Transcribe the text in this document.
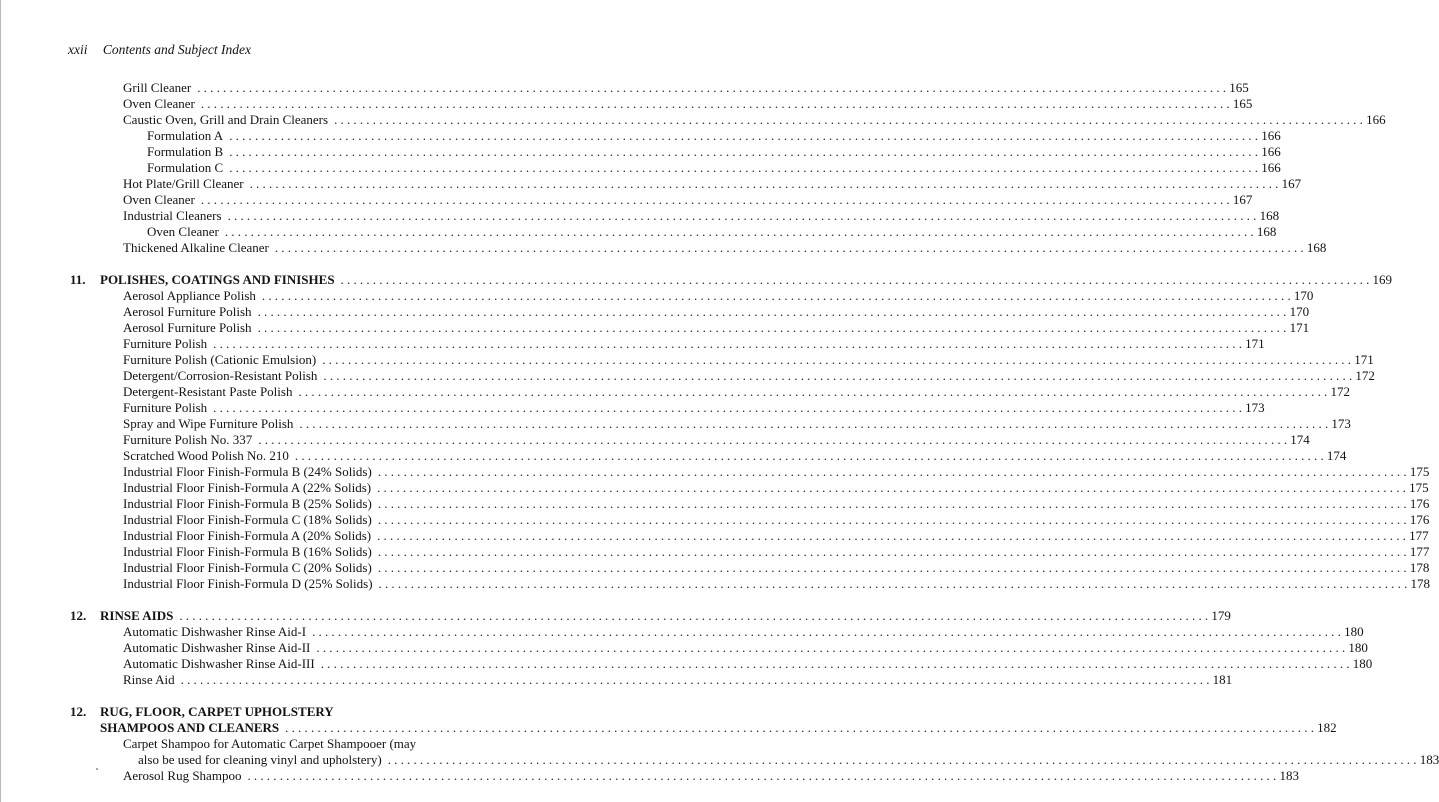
xxii Contents and Subject Index
Grill Cleaner ................................................................................................................................................................ 165
Oven Cleaner ................................................................................................................................................................ 165
Caustic Oven, Grill and Drain Cleaners ................................................................................................................................................................ 166
Formulation A ................................................................................................................................................................ 166
Formulation B ................................................................................................................................................................ 166
Formulation C ................................................................................................................................................................ 166
Hot Plate/Grill Cleaner ................................................................................................................................................................ 167
Oven Cleaner ................................................................................................................................................................ 167
Industrial Cleaners ................................................................................................................................................................ 168
Oven Cleaner ................................................................................................................................................................ 168
Thickened Alkaline Cleaner ................................................................................................................................................................ 168
11. POLISHES, COATINGS AND FINISHES ................................................................................................................................................................ 169
Aerosol Appliance Polish ................................................................................................................................................................ 170
Aerosol Furniture Polish ................................................................................................................................................................ 170
Aerosol Furniture Polish ................................................................................................................................................................ 171
Furniture Polish ................................................................................................................................................................ 171
Furniture Polish (Cationic Emulsion) ................................................................................................................................................................ 171
Detergent/Corrosion-Resistant Polish ................................................................................................................................................................ 172
Detergent-Resistant Paste Polish ................................................................................................................................................................ 172
Furniture Polish ................................................................................................................................................................ 173
Spray and Wipe Furniture Polish ................................................................................................................................................................ 173
Furniture Polish No. 337 ................................................................................................................................................................ 174
Scratched Wood Polish No. 210 ................................................................................................................................................................ 174
Industrial Floor Finish-Formula B (24% Solids) ................................................................................................................................................................ 175
Industrial Floor Finish-Formula A (22% Solids) ................................................................................................................................................................ 175
Industrial Floor Finish-Formula B (25% Solids) ................................................................................................................................................................ 176
Industrial Floor Finish-Formula C (18% Solids) ................................................................................................................................................................ 176
Industrial Floor Finish-Formula A (20% Solids) ................................................................................................................................................................ 177
Industrial Floor Finish-Formula B (16% Solids) ................................................................................................................................................................ 177
Industrial Floor Finish-Formula C (20% Solids) ................................................................................................................................................................ 178
Industrial Floor Finish-Formula D (25% Solids) ................................................................................................................................................................ 178
12. RINSE AIDS ................................................................................................................................................................ 179
Automatic Dishwasher Rinse Aid-I ................................................................................................................................................................ 180
Automatic Dishwasher Rinse Aid-II ................................................................................................................................................................ 180
Automatic Dishwasher Rinse Aid-III ................................................................................................................................................................ 180
Rinse Aid ................................................................................................................................................................ 181
12. RUG, FLOOR, CARPET UPHOLSTERY
SHAMPOOS AND CLEANERS ................................................................................................................................................................ 182
Carpet Shampoo for Automatic Carpet Shampooer (may
also be used for cleaning vinyl and upholstery) ................................................................................................................................................................ 183
Aerosol Rug Shampoo ................................................................................................................................................................ 183
